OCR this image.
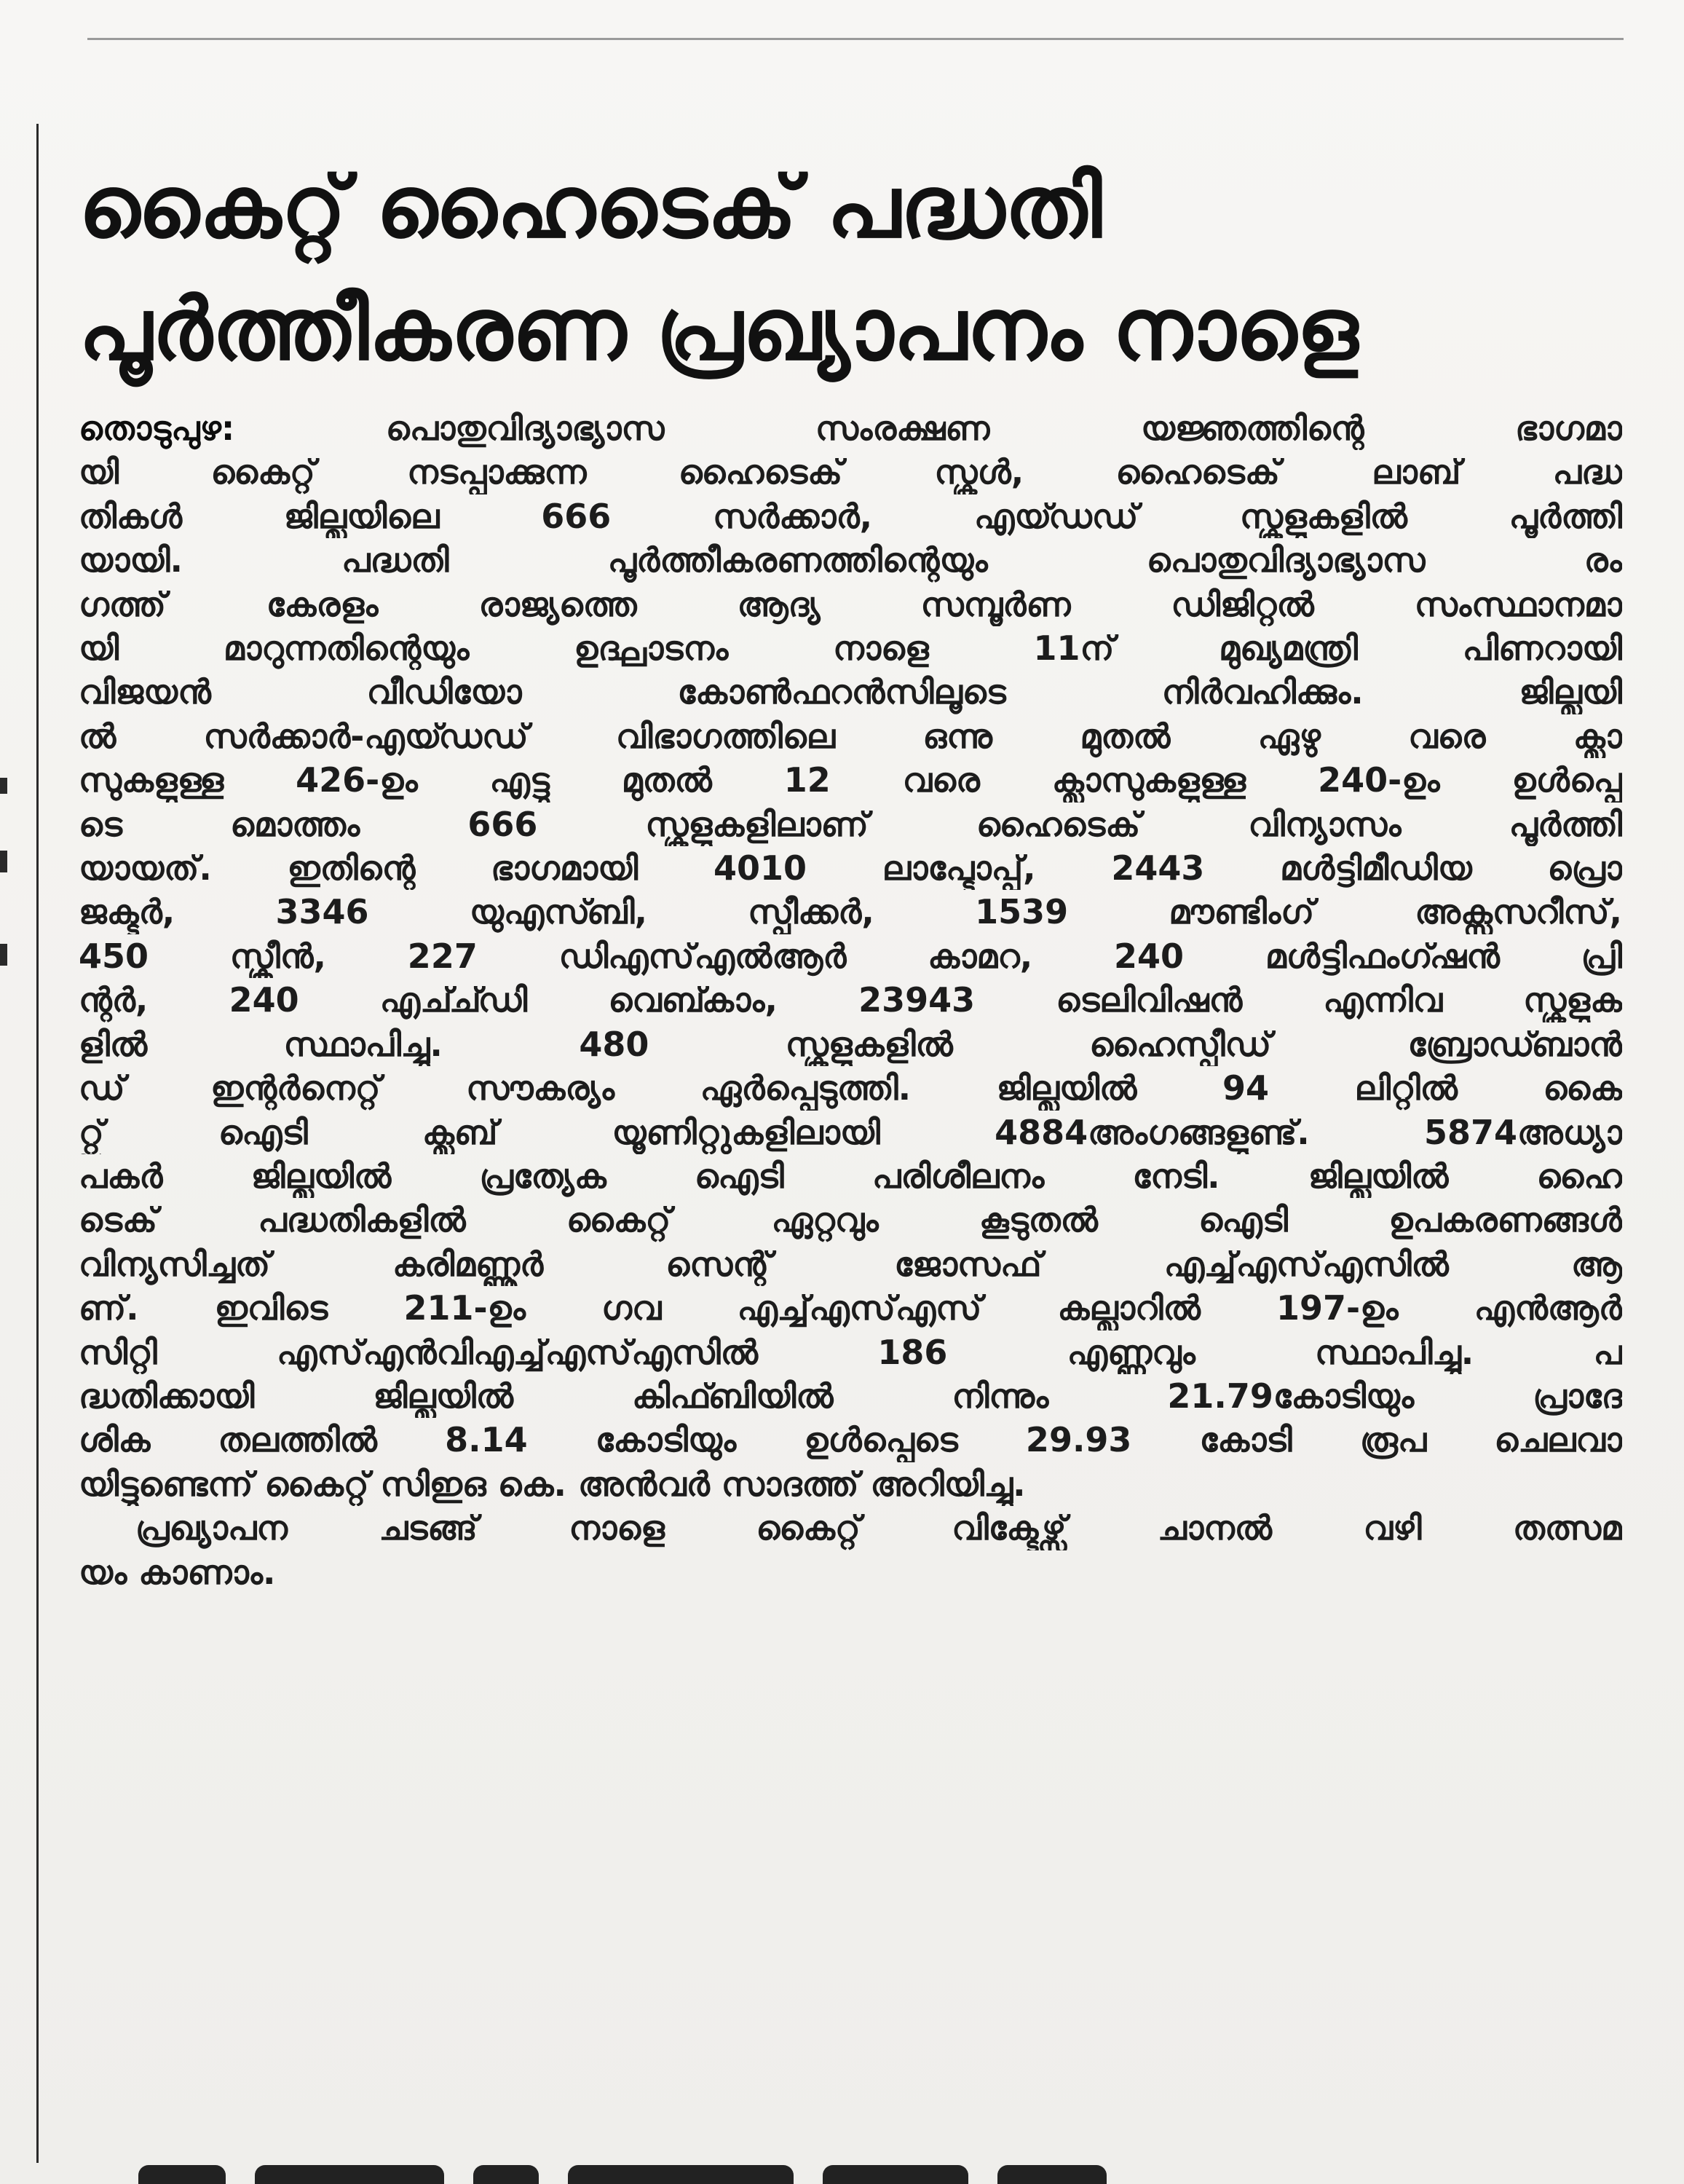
കൈറ്റ് ഹൈടെക് പദ്ധതി
പൂർത്തീകരണ പ്രഖ്യാപനം നാളെ
തൊടുപുഴ: പൊതുവിദ്യാഭ്യാസ സംരക്ഷണ യജ്ഞത്തിന്റെ ഭാഗമാ
യി കൈറ്റ് നടപ്പാക്കുന്ന ഹൈടെക് സ്കൂൾ, ഹൈടെക് ലാബ് പദ്ധ
തികൾ ജില്ലയിലെ 666 സർക്കാർ, എയ്ഡഡ് സ്കൂളുകളിൽ പൂർത്തി
യായി. പദ്ധതി പൂർത്തീകരണത്തിന്റെയും പൊതുവിദ്യാഭ്യാസ രം
ഗത്ത് കേരളം രാജ്യത്തെ ആദ്യ സമ്പൂർണ ഡിജിറ്റൽ സംസ്ഥാനമാ
യി മാറുന്നതിന്റെയും ഉദ്ഘാടനം നാളെ 11ന് മുഖ്യമന്ത്രി പിണറായി
വിജയൻ വീഡിയോ കോൺഫറൻസിലൂടെ നിർവഹിക്കും. ജില്ലയി
ൽ സർക്കാർ-എയ്ഡഡ് വിഭാഗത്തിലെ ഒന്നു മുതൽ ഏഴു വരെ ക്ലാ
സുകളുള്ള 426-ഉം എട്ടു മുതൽ 12 വരെ ക്ലാസുകളുള്ള 240-ഉം ഉൾപ്പെ
ടെ മൊത്തം 666 സ്കൂളുകളിലാണ് ഹൈടെക് വിന്യാസം പൂർത്തി
യായത്. ഇതിന്റെ ഭാഗമായി 4010 ലാപ്ടോപ്പ്, 2443 മൾട്ടിമീഡിയ പ്രൊ
ജക്ടർ, 3346 യുഎസ്ബി, സ്പീക്കർ, 1539 മൗണ്ടിംഗ് അക്സസറീസ്,
450 സ്ക്രീൻ, 227 ഡിഎസ്എൽആർ കാമറ, 240 മൾട്ടിഫംഗ്ഷൻ പ്രി
ന്റർ, 240 എച്ച്ഡി വെബ്കാം, 23943 ടെലിവിഷൻ എന്നിവ സ്കൂളുക
ളിൽ സ്ഥാപിച്ചു. 480 സ്കൂളുകളിൽ ഹൈസ്പീഡ് ബ്രോഡ്ബാൻ
ഡ് ഇന്റർനെറ്റ് സൗകര്യം ഏർപ്പെടുത്തി. ജില്ലയിൽ 94 ലിറ്റിൽ കൈ
റ്റ്സ് ഐടി ക്ലബ് യൂണിറ്റുകളിലായി 4884അംഗങ്ങളുണ്ട്. 5874അധ്യാ
പകർ ജില്ലയിൽ പ്രത്യേക ഐടി പരിശീലനം നേടി. ജില്ലയിൽ ഹൈ
ടെക് പദ്ധതികളിൽ കൈറ്റ് ഏറ്റവും കൂടുതൽ ഐടി ഉപകരണങ്ങൾ
വിന്യസിച്ചത് കരിമണ്ണൂർ സെന്റ് ജോസഫ് എച്ച്എസ്എസിൽ ആ
ണ്. ഇവിടെ 211-ഉം ഗവ എച്ച്എസ്എസ് കല്ലാറിൽ 197-ഉം എൻആർ
സിറ്റി എസ്എൻവിഎച്ച്എസ്എസിൽ 186 എണ്ണവും സ്ഥാപിച്ചു. പ
ദ്ധതിക്കായി ജില്ലയിൽ കിഫ്ബിയിൽ നിന്നും 21.79കോടിയും പ്രാദേ
ശിക തലത്തിൽ 8.14 കോടിയും ഉൾപ്പെടെ 29.93 കോടി രൂപ ചെലവാ
യിട്ടുണ്ടെന്ന് കൈറ്റ് സിഇഒ കെ. അൻവർ സാദത്ത് അറിയിച്ചു.
പ്രഖ്യാപന ചടങ്ങ് നാളെ കൈറ്റ് വിക്ടേഴ്സ് ചാനൽ വഴി തത്സമ
യം കാണാം.
